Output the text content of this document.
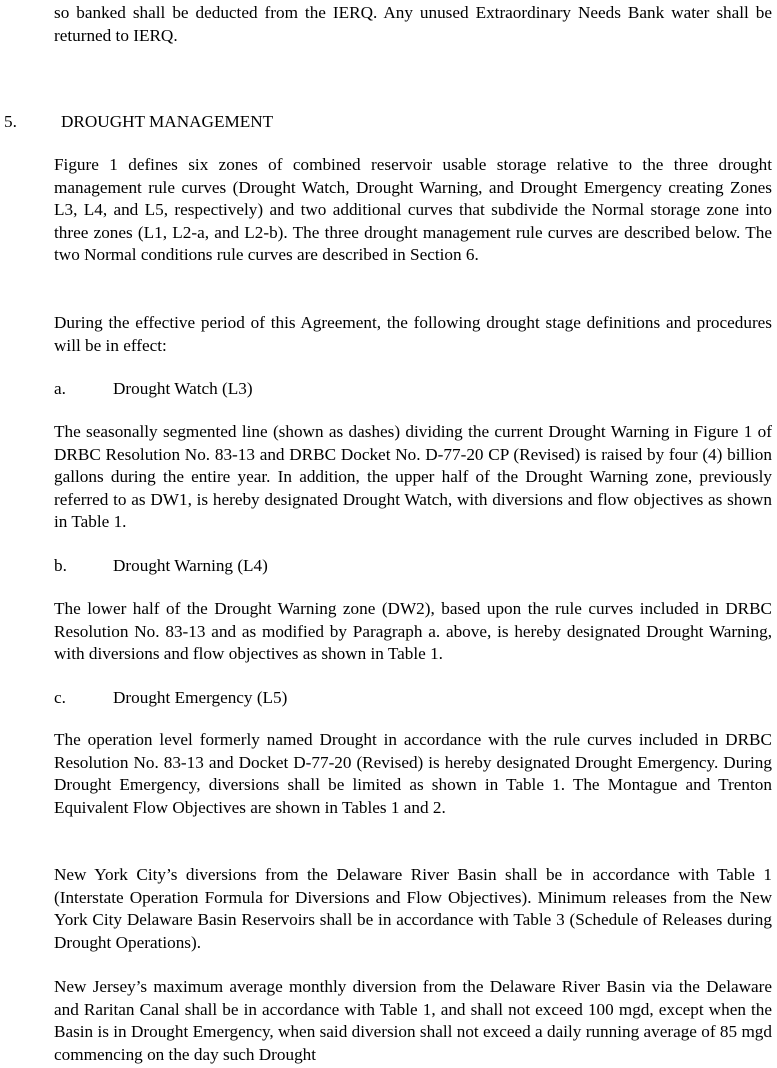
so banked shall be deducted from the IERQ. Any unused Extraordinary Needs Bank water shall be returned to IERQ.

5.	DROUGHT MANAGEMENT

Figure 1 defines six zones of combined reservoir usable storage relative to the three drought management rule curves (Drought Watch, Drought Warning, and Drought Emergency creating Zones L3, L4, and L5, respectively) and two additional curves that subdivide the Normal storage zone into three zones (L1, L2-a, and L2-b). The three drought management rule curves are described below. The two Normal conditions rule curves are described in Section 6.

During the effective period of this Agreement, the following drought stage definitions and procedures will be in effect:

a.	Drought Watch (L3)

The seasonally segmented line (shown as dashes) dividing the current Drought Warning in Figure 1 of DRBC Resolution No. 83-13 and DRBC Docket No. D-77-20 CP (Revised) is raised by four (4) billion gallons during the entire year. In addition, the upper half of the Drought Warning zone, previously referred to as DW1, is hereby designated Drought Watch, with diversions and flow objectives as shown in Table 1.

b.	Drought Warning (L4)

The lower half of the Drought Warning zone (DW2), based upon the rule curves included in DRBC Resolution No. 83-13 and as modified by Paragraph a. above, is hereby designated Drought Warning, with diversions and flow objectives as shown in Table 1.

c.	Drought Emergency (L5)

The operation level formerly named Drought in accordance with the rule curves included in DRBC Resolution No. 83-13 and Docket D-77-20 (Revised) is hereby designated Drought Emergency. During Drought Emergency, diversions shall be limited as shown in Table 1. The Montague and Trenton Equivalent Flow Objectives are shown in Tables 1 and 2.

New York City’s diversions from the Delaware River Basin shall be in accordance with Table 1 (Interstate Operation Formula for Diversions and Flow Objectives). Minimum releases from the New York City Delaware Basin Reservoirs shall be in accordance with Table 3 (Schedule of Releases during Drought Operations).

New Jersey’s maximum average monthly diversion from the Delaware River Basin via the Delaware and Raritan Canal shall be in accordance with Table 1, and shall not exceed 100 mgd, except when the Basin is in Drought Emergency, when said diversion shall not exceed a daily running average of 85 mgd commencing on the day such Drought
